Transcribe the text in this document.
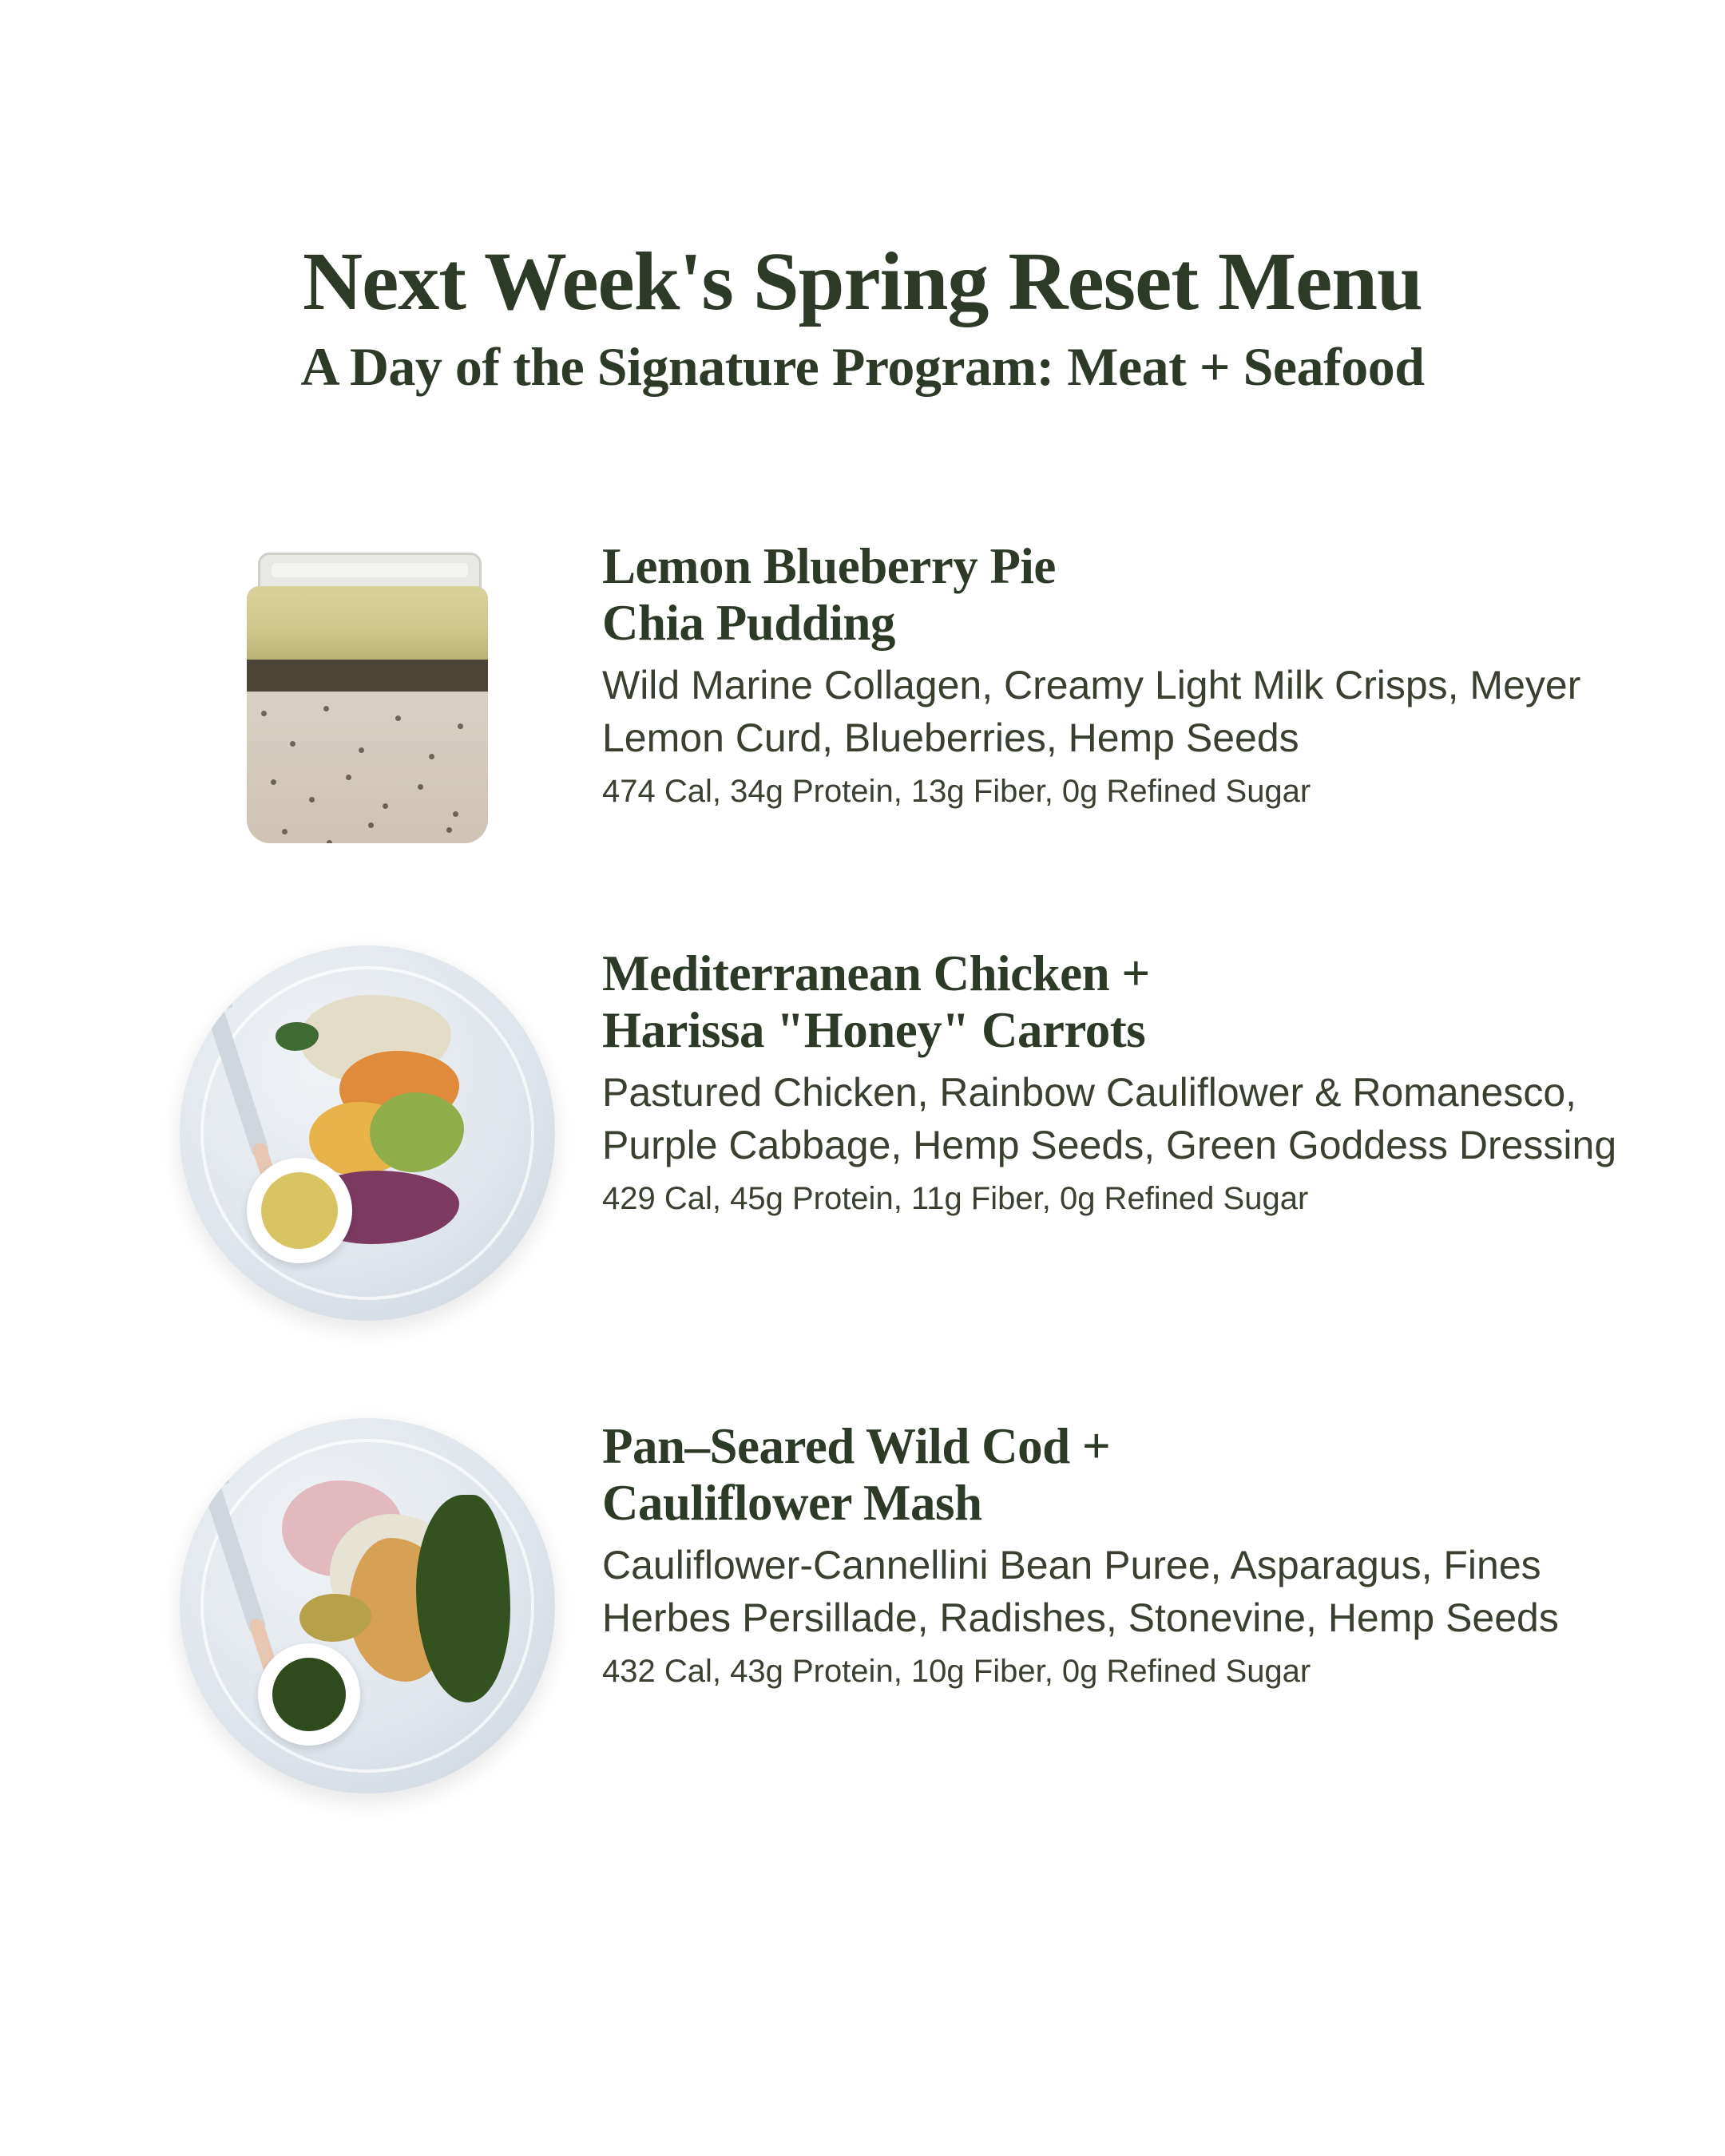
Next Week's Spring Reset Menu
A Day of the Signature Program: Meat + Seafood
Lemon Blueberry Pie
Chia Pudding

Wild Marine Collagen, Creamy Light Milk Crisps, Meyer Lemon Curd, Blueberries, Hemp Seeds

474 Cal, 34g Protein, 13g Fiber, 0g Refined Sugar

Mediterranean Chicken +
Harissa "Honey" Carrots

Pastured Chicken, Rainbow Cauliflower & Romanesco, Purple Cabbage, Hemp Seeds, Green Goddess Dressing

429 Cal, 45g Protein, 11g Fiber, 0g Refined Sugar

Pan–Seared Wild Cod +
Cauliflower Mash

Cauliflower-Cannellini Bean Puree, Asparagus, Fines Herbes Persillade, Radishes, Stonevine, Hemp Seeds

432 Cal, 43g Protein, 10g Fiber, 0g Refined Sugar
